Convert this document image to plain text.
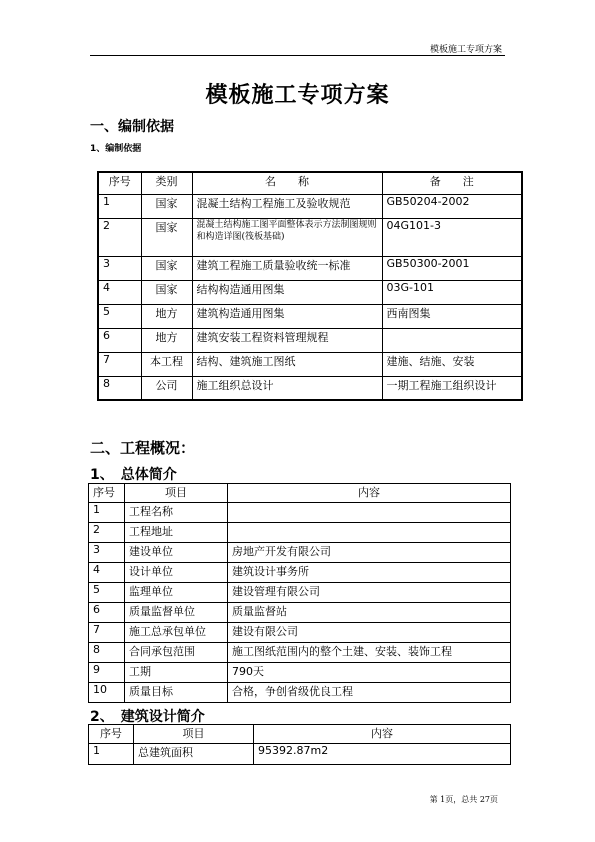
模板施工专项方案
模板施工专项方案
一、编制依据
1、编制依据
序号	类别	名　　称	备　　注
1	国家	混凝土结构工程施工及验收规范	GB50204-2002
2	国家	混凝土结构施工图平面整体表示方法制图规则和构造详图(筏板基础)	04G101-3
3	国家	建筑工程施工质量验收统一标准	GB50300-2001
4	国家	结构构造通用图集	03G-101
5	地方	建筑构造通用图集	西南图集
6	地方	建筑安装工程资料管理规程	
7	本工程	结构、建筑施工图纸	建施、结施、安装
8	公司	施工组织总设计	一期工程施工组织设计
二、工程概况：
1、　总体简介
序号	项目	内容
1	工程名称	
2	工程地址	
3	建设单位	房地产开发有限公司
4	设计单位	建筑设计事务所
5	监理单位	建设管理有限公司
6	质量监督单位	质量监督站
7	施工总承包单位	建设有限公司
8	合同承包范围	施工图纸范围内的整个土建、安装、装饰工程
9	工期	790天
10	质量目标	合格，争创省级优良工程
2、　建筑设计简介
序号	项目	内容
1	总建筑面积	95392.87m2
第 1页，总共 27页
